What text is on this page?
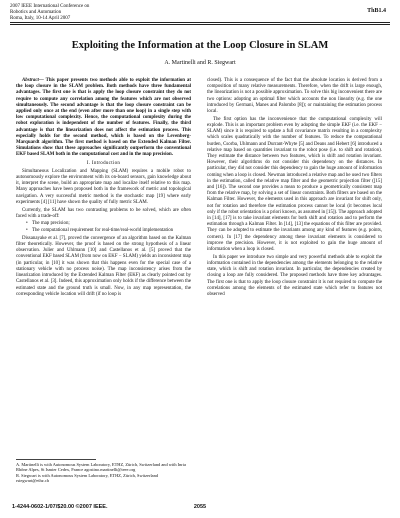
2007 IEEE International Conference on
Robotics and Automation
Roma, Italy, 10-14 April 2007
ThB1.4
Exploiting the Information at the Loop Closure in SLAM
A. Martinelli and R. Siegwart

Abstract— This paper presents two methods able to exploit the information at the loop closure in the SLAM problem. Both methods have three fundamental advantages. The first one is that is apply the loop closure constraint they do not require to compute any correlation among the features which are not observed simultaneously. The second advantage is that the loop closure constraint can be applied only once at the end (even after more than one loop) in a single step with low computational complexity. Hence, the computational complexity during the robot exploration is independent of the number of features. Finally, the third advantage is that the linearization does not affect the estimation process. This especially holds for the second method, which is based on the Levenberg-Marquardt algorithm. The first method is based on the Extended Kalman Filter. Simulations show that these approaches significantly outperform the conventional EKF based SLAM both in the computational cost and in the map precision.

I. Introduction

Simultaneous Localization and Mapping (SLAM) requires a mobile robot to autonomously explore the environment with its on-board sensors, gain knowledge about it, interpret the scene, build an appropriate map and localize itself relative to this map. Many approaches have been proposed both in the framework of metric and topological navigation. A very successful metric method is the stochastic map [19] where early experiments [4] [11] have shown the quality of fully metric SLAM.

Currently, the SLAM has two contrasting problems to be solved, which are often faced with a trade-off:

• The map precision;
• The computational requirement for real-time/real-world implementation

Dissanayake et al. [7], proved the convergence of an algorithm based on the Kalman filter theoretically. However, the proof is based on the strong hypothesis of a linear observation. Julier and Uhlmann [10] and Castellanos et al. [5] proved that the conventional EKF based SLAM (from now on EKF − SLAM) yields an inconsistent map (in particular, in [10] it was shown that this happens even for the special case of a stationary vehicle with no process noise). The map inconsistency arises from the linearization introduced by the Extended Kalman Filter (EKF) as clearly pointed out by Castellanos et al. [3]. Indeed, this approximation only holds if the difference between the estimated state and the ground truth is small. Now, in any map representation, the corresponding vehicle location will drift (if no loop is

A. Martinelli is with Autonomous System Laboratory, ETHZ, Zürich, Switzerland and with Inria Rhône Alpes, St Ismier Cedex, France agostino.martinelli@ieee.org
R. Siegwart is with Autonomous System Laboratory, ETHZ, Zürich, Switzerland rsiegwart@ethz.ch

closed). This is a consequence of the fact that the absolute location is derived from a composition of many relative measurements. Therefore, when the drift is large enough, the linearization is not a possible approximation. To solve this big inconvenient there are two options: adopting an optimal filter which accounts the non linearity (e.g. the one introduced by Germani, Manes and Palombo [8]); or maintaining the estimation process local.

The first option has the inconvenience that the computational complexity will explode. This is an important problem even by adopting the simple EKF (i.e. the EKF − SLAM) since it is required to update a full covariance matrix resulting in a complexity which scales quadratically with the number of features. To reduce the computational burden, Csorba, Uhlmann and Durrant-Whyte [5] and Deans and Hebert [6] introduced a relative map based on quantities invariant to the robot pose (i.e. to shift and rotation). They estimate the distance between two features, which is shift and rotation invariant. However, their algorithms do not consider this dependency on the distances. In particular, they did not consider this dependency to gain the huge amount of information coming when a loop is closed. Newman introduced a relative map and he used two filters in the estimation, called the relative map filter and the geometric projection filter ([15] and [16]). The second one provides a mean to produce a geometrically consistent map from the relative map, by solving a set of linear constraints. Both filters are based on the Kalman Filter. However, the elements used in this approach are invariant for shift only, not for rotation and therefore the estimation process cannot be local (it becomes local only if the robot orientation is a priori known, as assumed in [15]). The approach adopted in [14], [17] is to take invariant elements for both shift and rotation and to perform the estimation through a Kalman Filter. In [14], [13] the equations of this filter are provided. They can be adopted to estimate the invariants among any kind of features (e.g. points, corners). In [17] the dependency among these invariant elements is considered to improve the precision. However, it is not exploited to gain the huge amount of information when a loop is closed.

In this paper we introduce two simple and very powerful methods able to exploit the information contained in the dependencies among the elements belonging to the relative state, which is shift and rotation invariant. In particular, the dependencies created by closing a loop are fully considered. The proposed methods have three key advantages. The first one is that to apply the loop closure constraint it is not required to compute the correlations among the elements of the estimated state which refer to features not observed

1-4244-0602-1/07/$20.00 ©2007 IEEE.	2055
